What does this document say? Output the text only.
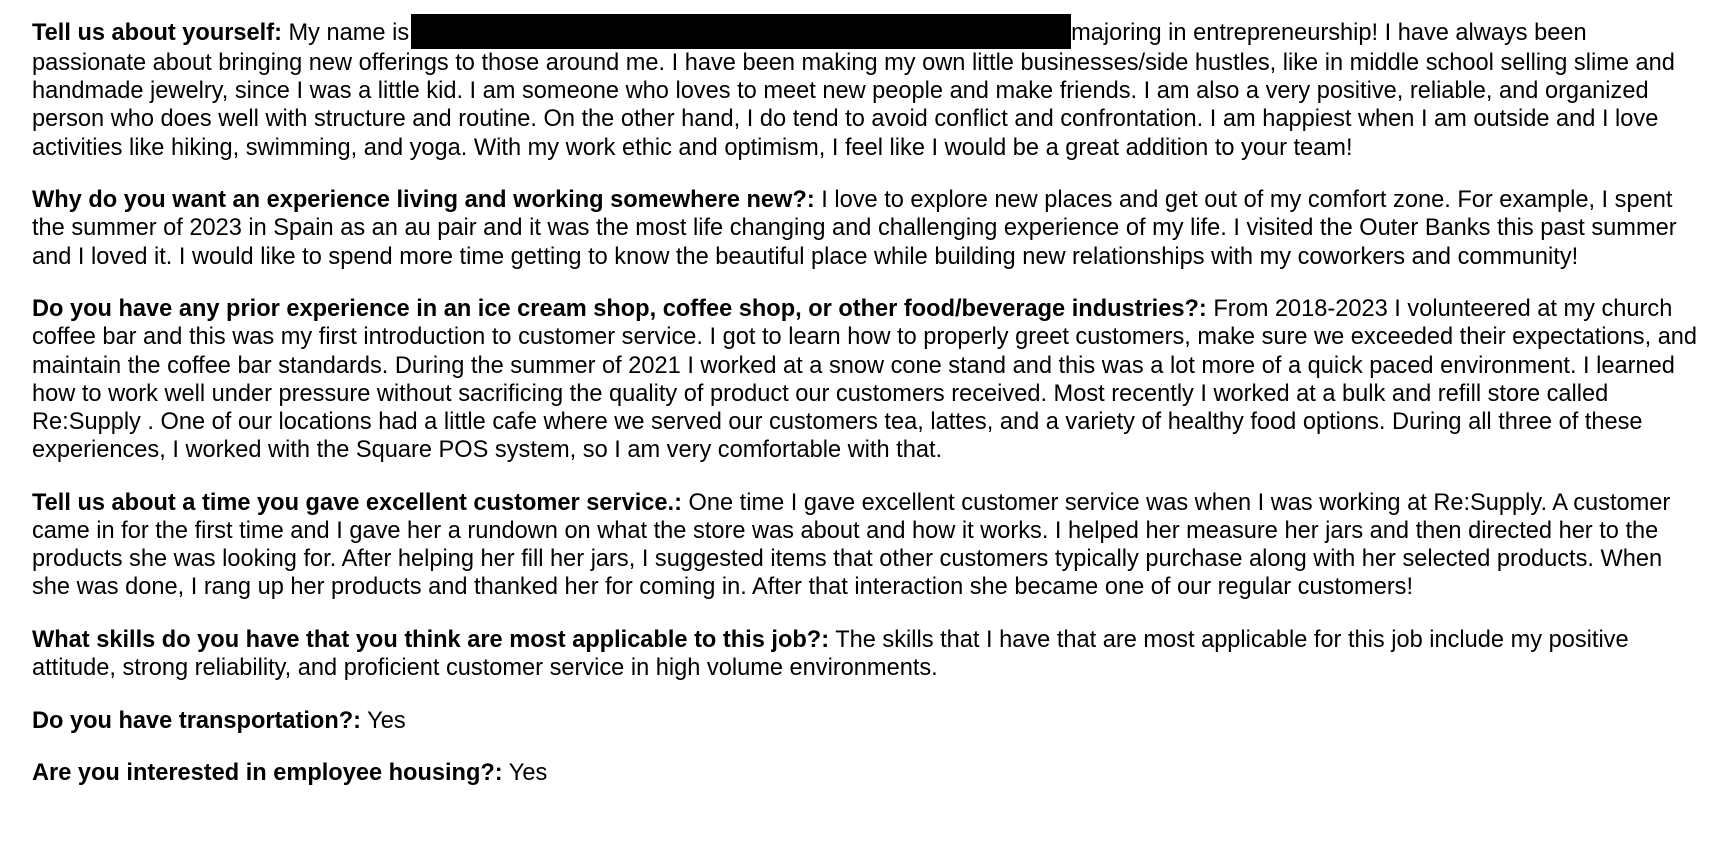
Tell us about yourself: My name is	majoring in entrepreneurship! I have always been passionate about bringing new offerings to those around me. I have been making my own little businesses/side hustles, like in middle school selling slime and handmade jewelry, since I was a little kid. I am someone who loves to meet new people and make friends. I am also a very positive, reliable, and organized person who does well with structure and routine. On the other hand, I do tend to avoid conflict and confrontation. I am happiest when I am outside and I love activities like hiking, swimming, and yoga. With my work ethic and optimism, I feel like I would be a great addition to your team!

Why do you want an experience living and working somewhere new?: I love to explore new places and get out of my comfort zone. For example, I spent the summer of 2023 in Spain as an au pair and it was the most life changing and challenging experience of my life. I visited the Outer Banks this past summer and I loved it. I would like to spend more time getting to know the beautiful place while building new relationships with my coworkers and community!

Do you have any prior experience in an ice cream shop, coffee shop, or other food/beverage industries?: From 2018-2023 I volunteered at my church coffee bar and this was my first introduction to customer service. I got to learn how to properly greet customers, make sure we exceeded their expectations, and maintain the coffee bar standards. During the summer of 2021 I worked at a snow cone stand and this was a lot more of a quick paced environment. I learned how to work well under pressure without sacrificing the quality of product our customers received. Most recently I worked at a bulk and refill store called Re:Supply . One of our locations had a little cafe where we served our customers tea, lattes, and a variety of healthy food options. During all three of these experiences, I worked with the Square POS system, so I am very comfortable with that.

Tell us about a time you gave excellent customer service.: One time I gave excellent customer service was when I was working at Re:Supply. A customer came in for the first time and I gave her a rundown on what the store was about and how it works. I helped her measure her jars and then directed her to the products she was looking for. After helping her fill her jars, I suggested items that other customers typically purchase along with her selected products. When she was done, I rang up her products and thanked her for coming in. After that interaction she became one of our regular customers!

What skills do you have that you think are most applicable to this job?: The skills that I have that are most applicable for this job include my positive attitude, strong reliability, and proficient customer service in high volume environments.

Do you have transportation?: Yes

Are you interested in employee housing?: Yes
